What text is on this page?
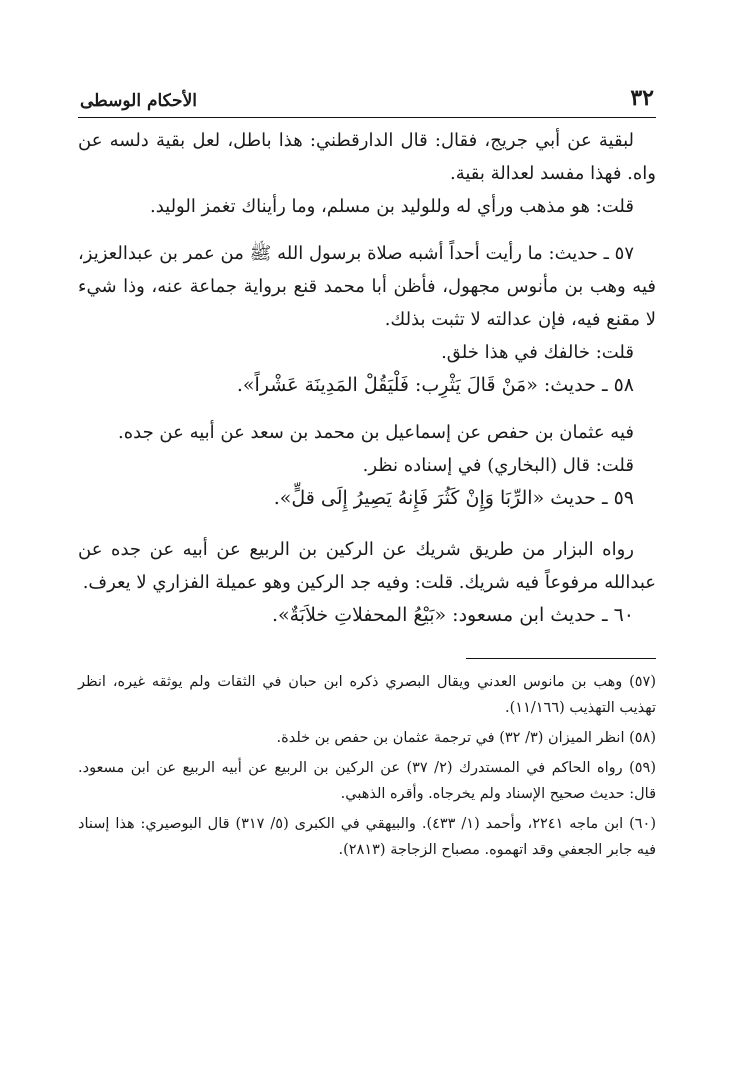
٣٢
الأحكام الوسطى

لبقية عن أبي جريج، فقال: قال الدارقطني: هذا باطل، لعل بقية دلسه عن واه. فهذا مفسد لعدالة بقية.

قلت: هو مذهب ورأي له وللوليد بن مسلم، وما رأيناك تغمز الوليد.

٥٧ ـ حديث: ما رأيت أحداً أشبه صلاة برسول الله ﷺ من عمر بن عبدالعزيز، فيه وهب بن مأنوس مجهول، فأظن أبا محمد قنع برواية جماعة عنه، وذا شيء لا مقنع فيه، فإن عدالته لا تثبت بذلك.

قلت: خالفك في هذا خلق.

٥٨ ـ حديث: «مَنْ قَالَ يَثْرِب: فَلْيَقُلْ المَدِينَة عَشْراً».

فيه عثمان بن حفص عن إسماعيل بن محمد بن سعد عن أبيه عن جده.

قلت: قال (البخاري) في إسناده نظر.

٥٩ ـ حديث «الرِّبَا وَإِنْ كَثُرَ فَإِنهُ يَصِيرُ إِلَى قلٍّ».

رواه البزار من طريق شريك عن الركين بن الربيع عن أبيه عن جده عن عبدالله مرفوعاً فيه شريك. قلت: وفيه جد الركين وهو عميلة الفزاري لا يعرف.

٦٠ ـ حديث ابن مسعود: «بَيْعُ المحفلاتِ خلاَبَةٌ».

(٥٧) وهب بن مانوس العدني ويقال البصري ذكره ابن حبان في الثقات ولم يوثقه غيره، انظر تهذيب التهذيب (١١/١٦٦).

(٥٨) انظر الميزان (٣/ ٣٢) في ترجمة عثمان بن حفص بن خلدة.

(٥٩) رواه الحاكم في المستدرك (٢/ ٣٧) عن الركين بن الربيع عن أبيه الربيع عن ابن مسعود. قال: حديث صحيح الإسناد ولم يخرجاه. وأقره الذهبي.

(٦٠) ابن ماجه ٢٢٤١، وأحمد (١/ ٤٣٣). والبيهقي في الكبرى (٥/ ٣١٧) قال البوصيري: هذا إسناد فيه جابر الجعفي وقد اتهموه. مصباح الزجاجة (٢٨١٣).
